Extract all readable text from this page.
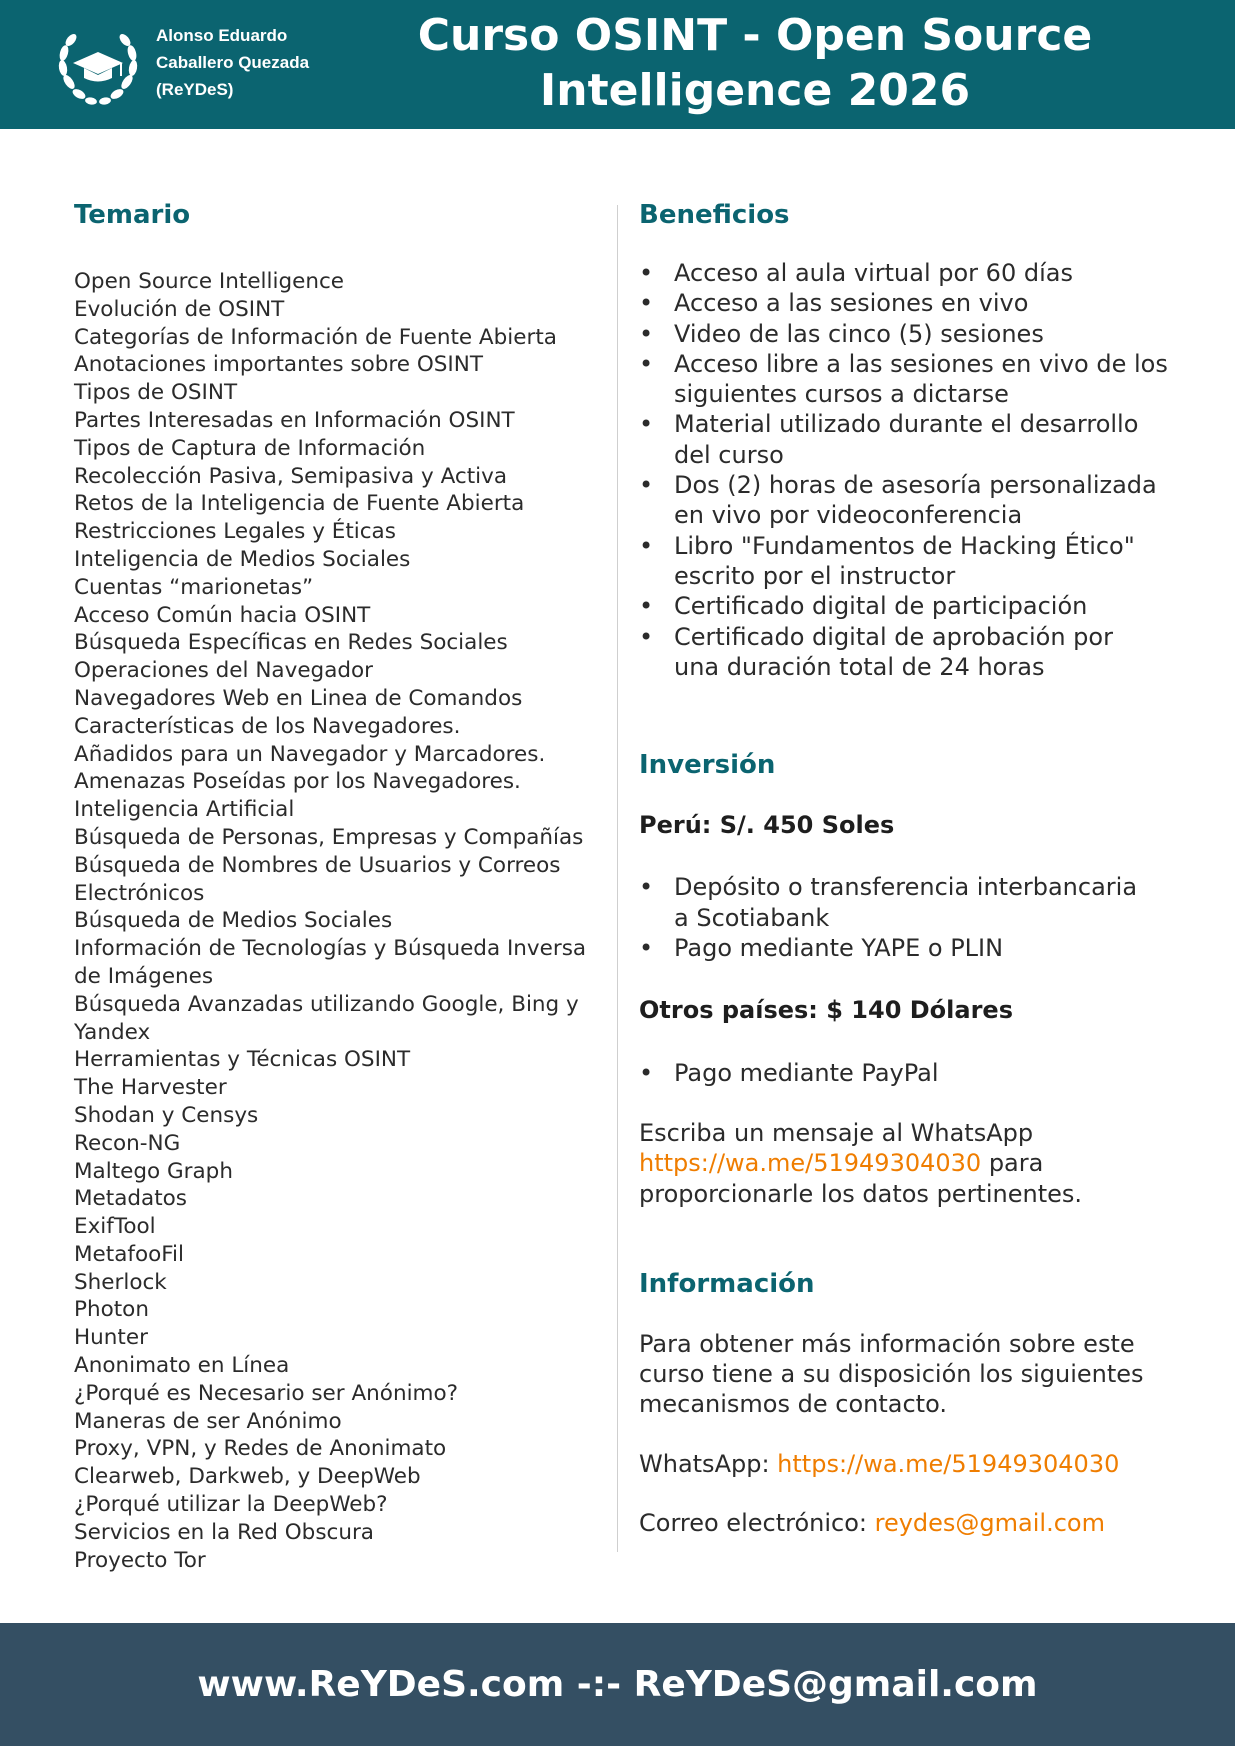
Alonso Eduardo
Caballero Quezada
(ReYDeS)
Curso OSINT - Open Source Intelligence 2026
Temario
Open Source Intelligence
Evolución de OSINT
Categorías de Información de Fuente Abierta
Anotaciones importantes sobre OSINT
Tipos de OSINT
Partes Interesadas en Información OSINT
Tipos de Captura de Información
Recolección Pasiva, Semipasiva y Activa
Retos de la Inteligencia de Fuente Abierta
Restricciones Legales y Éticas
Inteligencia de Medios Sociales
Cuentas “marionetas”
Acceso Común hacia OSINT
Búsqueda Específicas en Redes Sociales
Operaciones del Navegador
Navegadores Web en Linea de Comandos
Características de los Navegadores.
Añadidos para un Navegador y Marcadores.
Amenazas Poseídas por los Navegadores.
Inteligencia Artificial
Búsqueda de Personas, Empresas y Compañías
Búsqueda de Nombres de Usuarios y Correos Electrónicos
Búsqueda de Medios Sociales
Información de Tecnologías y Búsqueda Inversa de Imágenes
Búsqueda Avanzadas utilizando Google, Bing y Yandex
Herramientas y Técnicas OSINT
The Harvester
Shodan y Censys
Recon-NG
Maltego Graph
Metadatos
ExifTool
MetafooFil
Sherlock
Photon
Hunter
Anonimato en Línea
¿Porqué es Necesario ser Anónimo?
Maneras de ser Anónimo
Proxy, VPN, y Redes de Anonimato
Clearweb, Darkweb, y DeepWeb
¿Porqué utilizar la DeepWeb?
Servicios en la Red Obscura
Proyecto Tor
Beneficios
• Acceso al aula virtual por 60 días
• Acceso a las sesiones en vivo
• Video de las cinco (5) sesiones
• Acceso libre a las sesiones en vivo de los
siguientes cursos a dictarse
• Material utilizado durante el desarrollo
del curso
• Dos (2) horas de asesoría personalizada
en vivo por videoconferencia
• Libro "Fundamentos de Hacking Ético"
escrito por el instructor
• Certificado digital de participación
• Certificado digital de aprobación por
una duración total de 24 horas
Inversión
Perú: S/. 450 Soles
• Depósito o transferencia interbancaria
a Scotiabank
• Pago mediante YAPE o PLIN
Otros países: $ 140 Dólares
• Pago mediante PayPal
Escriba un mensaje al WhatsApp
https://wa.me/51949304030 para
proporcionarle los datos pertinentes.
Información
Para obtener más información sobre este
curso tiene a su disposición los siguientes
mecanismos de contacto.
WhatsApp: https://wa.me/51949304030
Correo electrónico: reydes@gmail.com
www.ReYDeS.com -:- ReYDeS@gmail.com
